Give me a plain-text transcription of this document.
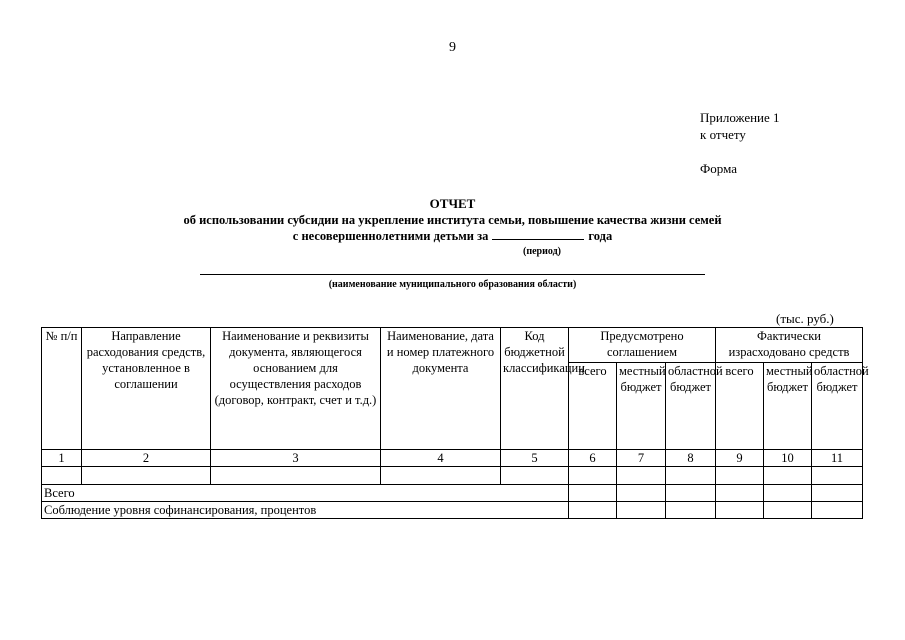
9
Приложение 1
к отчету
Форма
ОТЧЕТ
об использовании субсидии на укрепление института семьи, повышение качества жизни семей
с несовершеннолетними детьми за	года
(период)
(наименование муниципального образования области)
(тыс. руб.)
№ п/п	Направление расходования средств, установленное в соглашении	Наименование и реквизиты документа, являющегося основанием для осуществления расходов (договор, контракт, счет и т.д.)	Наименование, дата и номер платежного документа	Код бюджетной классификации	Предусмотрено соглашением			Фактически израсходовано средств		
					всего	местный бюджет	областной бюджет	всего	местный бюджет	областной бюджет
1	2	3	4	5	6	7	8	9	10	11

Всего										
Соблюдение уровня софинансирования, процентов										
